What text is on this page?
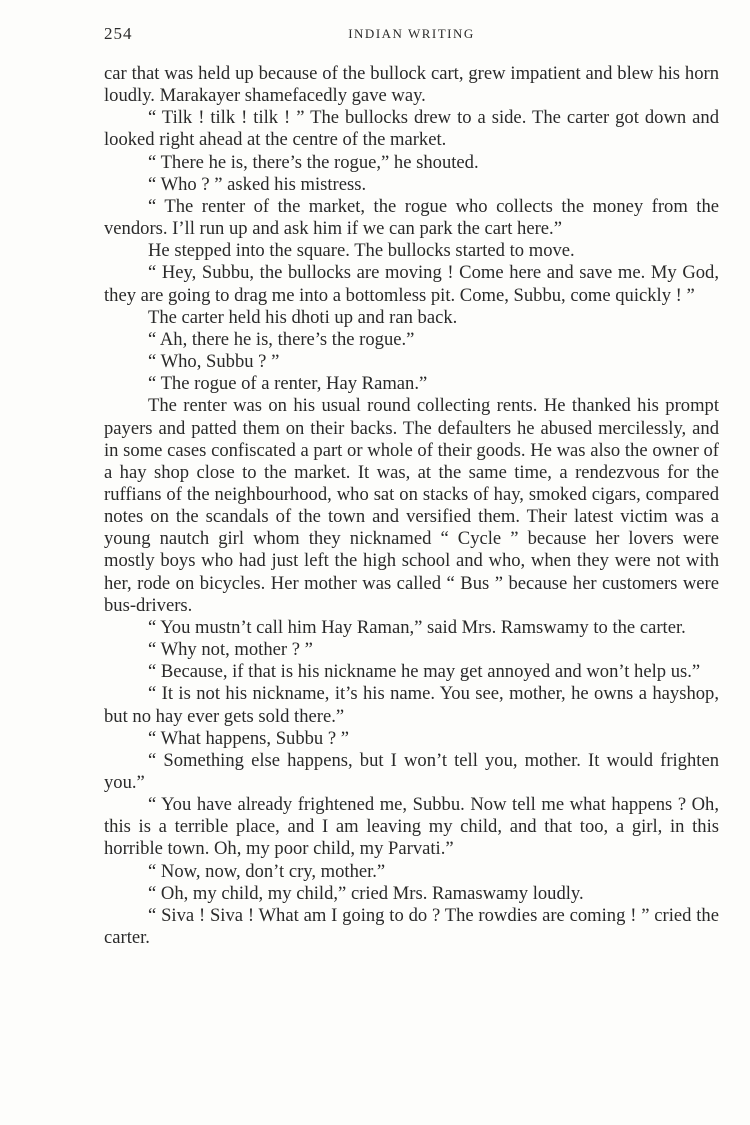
254	INDIAN WRITING

car that was held up because of the bullock cart, grew impatient and blew his horn loudly. Marakayer shamefacedly gave way.

“ Tilk ! tilk ! tilk ! ” The bullocks drew to a side. The carter got down and looked right ahead at the centre of the market.

“ There he is, there’s the rogue,” he shouted.

“ Who ? ” asked his mistress.

“ The renter of the market, the rogue who collects the money from the vendors. I’ll run up and ask him if we can park the cart here.”

He stepped into the square. The bullocks started to move.

“ Hey, Subbu, the bullocks are moving ! Come here and save me. My God, they are going to drag me into a bottomless pit. Come, Subbu, come quickly ! ”

The carter held his dhoti up and ran back.

“ Ah, there he is, there’s the rogue.”

“ Who, Subbu ? ”

“ The rogue of a renter, Hay Raman.”

The renter was on his usual round collecting rents. He thanked his prompt payers and patted them on their backs. The defaulters he abused mercilessly, and in some cases confiscated a part or whole of their goods. He was also the owner of a hay shop close to the market. It was, at the same time, a rendezvous for the ruffians of the neighbourhood, who sat on stacks of hay, smoked cigars, compared notes on the scandals of the town and versified them. Their latest victim was a young nautch girl whom they nicknamed “ Cycle ” because her lovers were mostly boys who had just left the high school and who, when they were not with her, rode on bicycles. Her mother was called “ Bus ” because her customers were bus-drivers.

“ You mustn’t call him Hay Raman,” said Mrs. Ramswamy to the carter.

“ Why not, mother ? ”

“ Because, if that is his nickname he may get annoyed and won’t help us.”

“ It is not his nickname, it’s his name. You see, mother, he owns a hayshop, but no hay ever gets sold there.”

“ What happens, Subbu ? ”

“ Something else happens, but I won’t tell you, mother. It would frighten you.”

“ You have already frightened me, Subbu. Now tell me what happens ? Oh, this is a terrible place, and I am leaving my child, and that too, a girl, in this horrible town. Oh, my poor child, my Parvati.”

“ Now, now, don’t cry, mother.”

“ Oh, my child, my child,” cried Mrs. Ramaswamy loudly.

“ Siva ! Siva ! What am I going to do ? The rowdies are coming ! ” cried the carter.
